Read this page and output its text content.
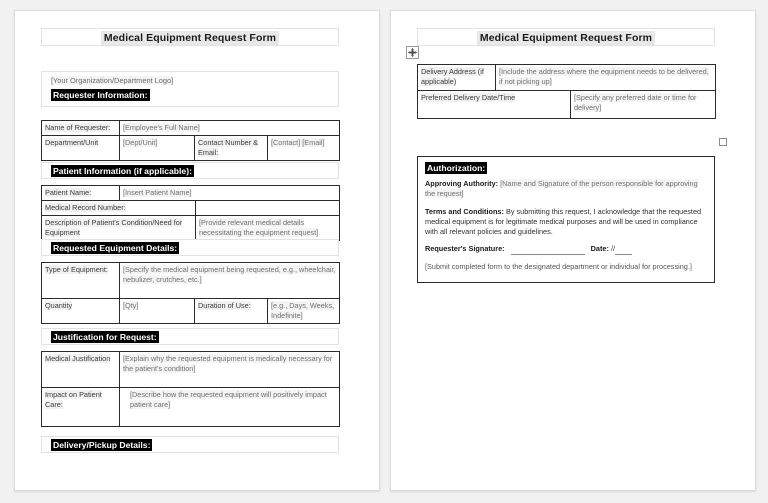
Medical Equipment Request Form
[Your Organization/Department Logo]
Requester Information:
Name of Requester:	[Employee's Full Name]		
Department/Unit	[Dept/Unit]	Contact Number & Email:	[Contact] [Email]
Patient Information (if applicable):
Patient Name:	[Insert Patient Name]	
Medical Record Number:		
Description of Patient's Condition/Need for Equipment		[Provide relevant medical details necessitating the equipment request]
Requested Equipment Details:
Type of Equipment:	[Specify the medical equipment being requested, e.g., wheelchair, nebulizer, crutches, etc.]		
Quantity	[Qty]	Duration of Use:	[e.g., Days, Weeks, Indefinite]
Justification for Request:
Medical Justification	[Explain why the requested equipment is medically necessary for the patient's condition]
Impact on Patient Care:	[Describe how the requested equipment will positively impact patient care]
Delivery/Pickup Details:
Medical Equipment Request Form
Delivery Address (if applicable)	[Include the address where the equipment needs to be delivered, if not picking up]	
Preferred Delivery Date/Time		[Specify any preferred date or time for delivery]
Authorization:

Approving Authority: [Name and Signature of the person responsible for approving the request]

Terms and Conditions: By submitting this request, I acknowledge that the requested medical equipment is for legitimate medical purposes and will be used in compliance with all relevant policies and guidelines.

Requester's Signature:	Date: //

[Submit completed form to the designated department or individual for processing.]
